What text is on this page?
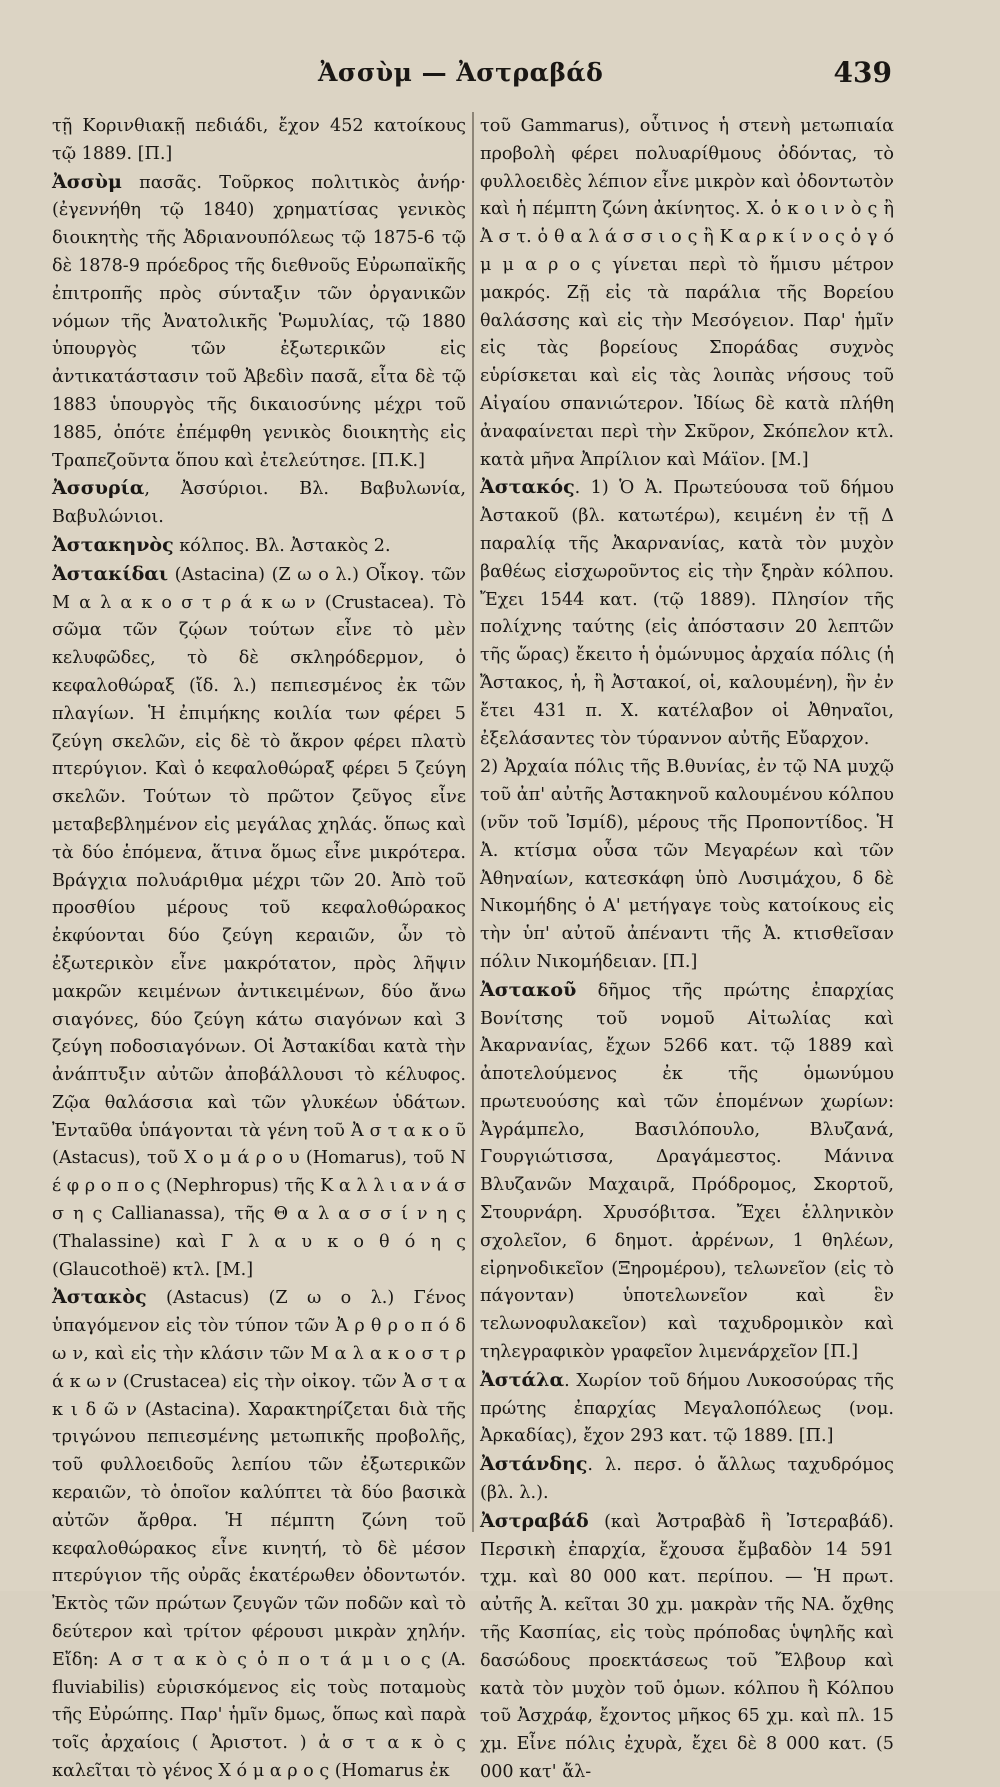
Ἀσσὺμ — Ἀστραβάδ	439

τῇ Κορινθιακῇ πεδιάδι, ἔχον 452 κατοίκους τῷ 1889. [Π.]

Ἀσσὺμ πασᾶς. Τοῦρκος πολιτικὸς ἀνήρ· (ἐγεννήθη τῷ 1840) χρηματίσας γενικὸς διοικητὴς τῆς Ἀδριανουπόλεως τῷ 1875-6 τῷ δὲ 1878-9 πρόεδρος τῆς διεθνοῦς Εὐρωπαϊκῆς ἐπιτροπῆς πρὸς σύνταξιν τῶν ὀργανικῶν νόμων τῆς Ἀνατολικῆς Ῥωμυλίας, τῷ 1880 ὑπουργὸς τῶν ἐξωτερικῶν εἰς ἀντικατάστασιν τοῦ Ἀβεδὶν πασᾶ, εἶτα δὲ τῷ 1883 ὑπουργὸς τῆς δικαιοσύνης μέχρι τοῦ 1885, ὁπότε ἐπέμφθη γενικὸς διοικητὴς εἰς Τραπεζοῦντα ὅπου καὶ ἐτελεύτησε. [Π.Κ.]

Ἀσσυρία, Ἀσσύριοι. Βλ. Βαβυλωνία, Βαβυλώνιοι.

Ἀστακηνὸς κόλπος. Βλ. Ἀστακὸς 2.

Ἀστακίδαι (Astacina) (Ζ ω ο λ.) Οἶκογ. τῶν Μ α λ α κ ο σ τ ρ ά κ ω ν (Crustacea). Τὸ σῶμα τῶν ζῴων τούτων εἶνε τὸ μὲν κελυφῶδες, τὸ δὲ σκληρόδερμον, ὁ κεφαλοθώραξ (ἴδ. λ.) πεπιεσμένος ἐκ τῶν πλαγίων. Ἡ ἐπιμήκης κοιλία των φέρει 5 ζεύγη σκελῶν, εἰς δὲ τὸ ἄκρον φέρει πλατὺ πτερύγιον. Καὶ ὁ κεφαλοθώραξ φέρει 5 ζεύγη σκελῶν. Τούτων τὸ πρῶτον ζεῦγος εἶνε μεταβεβλημένον εἰς μεγάλας χηλάς. ὅπως καὶ τὰ δύο ἑπόμενα, ἅτινα ὅμως εἶνε μικρότερα. Βράγχια πολυάριθμα μέχρι τῶν 20. Ἀπὸ τοῦ προσθίου μέρους τοῦ κεφαλοθώρακος ἐκφύονται δύο ζεύγη κεραιῶν, ὧν τὸ ἐξωτερικὸν εἶνε μακρότατον, πρὸς λῆψιν μακρῶν κειμένων ἀντικειμένων, δύο ἄνω σιαγόνες, δύο ζεύγη κάτω σιαγόνων καὶ 3 ζεύγη ποδοσιαγόνων. Οἱ Ἀστακίδαι κατὰ τὴν ἀνάπτυξιν αὐτῶν ἀποβάλλουσι τὸ κέλυφος. Ζῷα θαλάσσια καὶ τῶν γλυκέων ὑδάτων. Ἐνταῦθα ὑπάγονται τὰ γένη τοῦ Ἀ σ τ α κ ο ῦ (Astacus), τοῦ Χ ο μ ά ρ ο υ (Homarus), τοῦ Ν έ φ ρ ο π ο ς (Nephropus) τῆς Κ α λ λ ι α ν ά σ σ η ς Callianassa), τῆς Θ α λ α σ σ ί ν η ς (Thalassine) καὶ Γ λ α υ κ ο θ ό η ς (Glaucothoë) κτλ. [Μ.]

Ἀστακὸς (Astacus) (Ζ ω ο λ.) Γένος ὑπαγόμενον εἰς τὸν τύπον τῶν Ἀ ρ θ ρ ο π ό δ ω ν, καὶ εἰς τὴν κλάσιν τῶν Μ α λ α κ ο σ τ ρ ά κ ω ν (Crustacea) εἰς τὴν οἰκογ. τῶν Ἀ σ τ α κ ι δ ῶ ν (Astacina). Χαρακτηρίζεται διὰ τῆς τριγώνου πεπιεσμένης μετωπικῆς προβολῆς, τοῦ φυλλοειδοῦς λεπίου τῶν ἐξωτερικῶν κεραιῶν, τὸ ὁποῖον καλύπτει τὰ δύο βασικὰ αὐτῶν ἄρθρα. Ἡ πέμπτη ζώνη τοῦ κεφαλοθώρακος εἶνε κινητή, τὸ δὲ μέσον πτερύγιον τῆς οὐρᾶς ἑκατέρωθεν ὀδοντωτόν. Ἐκτὸς τῶν πρώτων ζευγῶν τῶν ποδῶν καὶ τὸ δεύτερον καὶ τρίτον φέρουσι μικρὰν χηλήν. Εἴδη: Α σ τ α κ ὸ ς ὁ π ο τ ά μ ι ο ς (A. fluviabilis) εὑρισκόμενος εἰς τοὺς ποταμοὺς τῆς Εὐρώπης. Παρ' ἡμῖν δμως, ὅπως καὶ παρὰ τοῖς ἀρχαίοις ( Ἀριστοτ. ) ἀ σ τ α κ ὸ ς καλεῖται τὸ γένος Χ ό μ α ρ ο ς (Homarus ἐκ

τοῦ Gammarus), οὗτινος ἡ στενὴ μετωπιαία προβολὴ φέρει πολυαρίθμους ὀδόντας, τὸ φυλλοειδὲς λέπιον εἶνε μικρὸν καὶ ὀδοντωτὸν καὶ ἡ πέμπτη ζώνη ἀκίνητος. Χ. ὁ κ ο ι ν ὸ ς ἢ Ἀ σ τ. ὁ θ α λ ά σ σ ι ο ς ἢ Κ α ρ κ ί ν ο ς ὁ γ ό μ μ α ρ ο ς γίνεται περὶ τὸ ἥμισυ μέτρον μακρός. Ζῇ εἰς τὰ παράλια τῆς Βορείου θαλάσσης καὶ εἰς τὴν Μεσόγειον. Παρ' ἡμῖν εἰς τὰς βορείους Σποράδας συχνὸς εὑρίσκεται καὶ εἰς τὰς λοιπὰς νήσους τοῦ Αἰγαίου σπανιώτερον. Ἰδίως δὲ κατὰ πλήθη ἀναφαίνεται περὶ τὴν Σκῦρον, Σκόπελον κτλ. κατὰ μῆνα Ἀπρίλιον καὶ Μάϊον. [Μ.]

Ἀστακός. 1) Ὁ Ἀ. Πρωτεύουσα τοῦ δήμου Ἀστακοῦ (βλ. κατωτέρω), κειμένη ἐν τῇ Δ παραλίᾳ τῆς Ἀκαρνανίας, κατὰ τὸν μυχὸν βαθέως εἰσχωροῦντος εἰς τὴν ξηρὰν κόλπου. Ἔχει 1544 κατ. (τῷ 1889). Πλησίον τῆς πολίχνης ταύτης (εἰς ἀπόστασιν 20 λεπτῶν τῆς ὥρας) ἔκειτο ἡ ὁμώνυμος ἀρχαία πόλις (ἡ Ἄστακος, ἡ, ἢ Ἀστακοί, οἱ, καλουμένη), ἣν ἐν ἔτει 431 π. Χ. κατέλαβον οἱ Ἀθηναῖοι, ἐξελάσαντες τὸν τύραννον αὐτῆς Εὔαρχον.

2) Ἀρχαία πόλις τῆς Β.θυνίας, ἐν τῷ ΝΑ μυχῷ τοῦ ἀπ' αὐτῆς Ἀστακηνοῦ καλουμένου κόλπου (νῦν τοῦ Ἰσμίδ), μέρους τῆς Προποντίδος. Ἡ Ἀ. κτίσμα οὖσα τῶν Μεγαρέων καὶ τῶν Ἀθηναίων, κατεσκάφη ὑπὸ Λυσιμάχου, δ δὲ Νικομήδης ὁ Α' μετήγαγε τοὺς κατοίκους εἰς τὴν ὑπ' αὐτοῦ ἀπέναντι τῆς Ἀ. κτισθεῖσαν πόλιν Νικομήδειαν. [Π.]

Ἀστακοῦ δῆμος τῆς πρώτης ἐπαρχίας Βονίτσης τοῦ νομοῦ Αἰτωλίας καὶ Ἀκαρνανίας, ἔχων 5266 κατ. τῷ 1889 καὶ ἀποτελούμενος ἐκ τῆς ὁμωνύμου πρωτευούσης καὶ τῶν ἑπομένων χωρίων: Ἀγράμπελο, Βασιλόπουλο, Βλυζανά, Γουργιώτισσα, Δραγάμεστος. Μάνινα Βλυζανῶν Μαχαιρᾶ, Πρόδρομος, Σκορτοῦ, Στουρνάρη. Χρυσόβιτσα. Ἔχει ἑλληνικὸν σχολεῖον, 6 δημοτ. ἀρρένων, 1 θηλέων, εἰρηνοδικεῖον (Ξηρομέρου), τελωνεῖον (εἰς τὸ πάγονταν) ὑποτελωνεῖον καὶ ἓν τελωνοφυλακεῖον) καὶ ταχυδρομικὸν καὶ τηλεγραφικὸν γραφεῖον λιμενάρχεῖον [Π.]

Ἀστάλα. Χωρίον τοῦ δήμου Λυκοσούρας τῆς πρώτης ἐπαρχίας Μεγαλοπόλεως (νομ. Ἀρκαδίας), ἔχον 293 κατ. τῷ 1889. [Π.]

Ἀστάνδης. λ. περσ. ὁ ἄλλως ταχυδρόμος (βλ. λ.).

Ἀστραβάδ (καὶ Ἀστραβὰδ ἢ Ἰστεραβάδ). Περσικὴ ἐπαρχία, ἔχουσα ἔμβαδὸν 14 591 τχμ. καὶ 80 000 κατ. περίπου. — Ἡ πρωτ. αὐτῆς Ἀ. κεῖται 30 χμ. μακρὰν τῆς ΝΑ. ὄχθης τῆς Κασπίας, εἰς τοὺς πρόποδας ὑψηλῆς καὶ δασώδους προεκτάσεως τοῦ Ἔλβουρ καὶ κατὰ τὸν μυχὸν τοῦ ὁμων. κόλπου ἢ Κόλπου τοῦ Ἀσχράφ, ἔχοντος μῆκος 65 χμ. καὶ πλ. 15 χμ. Εἶνε πόλις ἐχυρὰ, ἔχει δὲ 8 000 κατ. (5 000 κατ' ἄλ-
